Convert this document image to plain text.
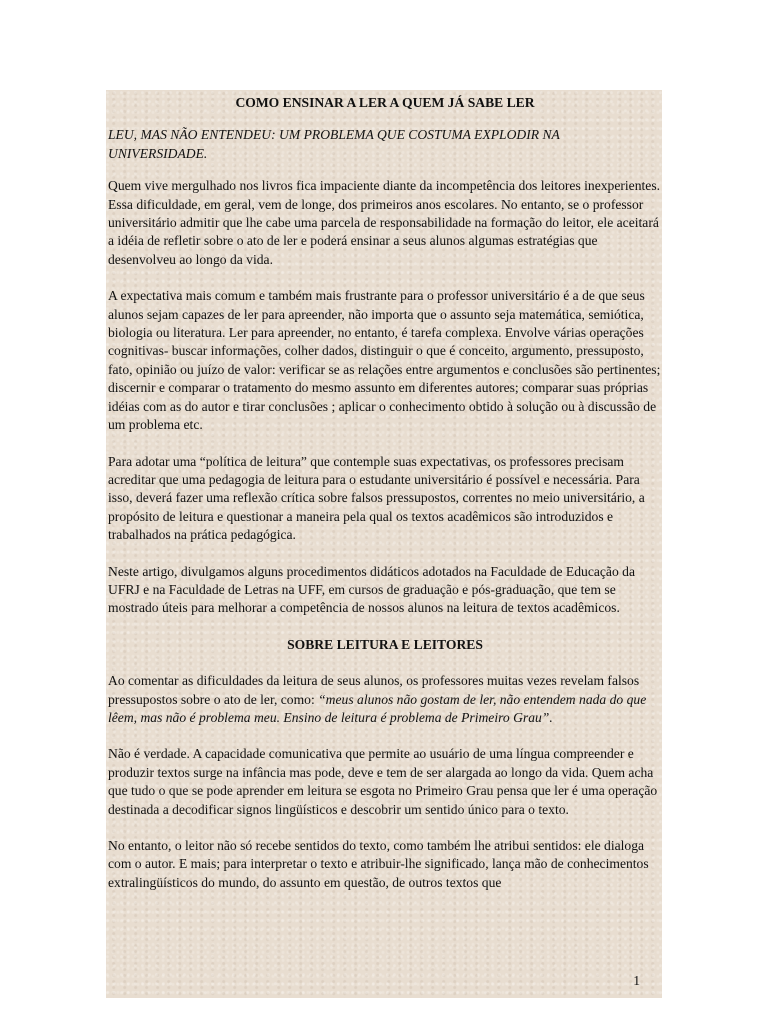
COMO ENSINAR A LER A QUEM JÁ SABE LER
LEU, MAS NÃO ENTENDEU: UM PROBLEMA QUE COSTUMA EXPLODIR NA UNIVERSIDADE.
Quem vive mergulhado nos livros fica impaciente diante da incompetência dos leitores inexperientes. Essa dificuldade, em geral, vem de longe, dos primeiros anos escolares. No entanto, se o professor universitário admitir que lhe cabe uma parcela de responsabilidade na formação do leitor, ele aceitará a idéia de refletir sobre o ato de ler e poderá ensinar a seus alunos algumas estratégias que desenvolveu ao longo da vida.
A expectativa mais comum e também mais frustrante para o professor universitário é a de que seus alunos sejam capazes de ler para apreender, não importa que o assunto seja matemática, semiótica, biologia ou literatura. Ler para apreender, no entanto, é tarefa complexa. Envolve várias operações cognitivas- buscar informações, colher dados, distinguir o que é conceito, argumento, pressuposto, fato, opinião ou juízo de valor: verificar se as relações entre argumentos e conclusões são pertinentes; discernir e comparar o tratamento do mesmo assunto em diferentes autores; comparar suas próprias idéias com as do autor e tirar conclusões ; aplicar o conhecimento obtido à solução ou à discussão de um problema etc.
Para adotar uma “política de leitura” que contemple suas expectativas, os professores precisam acreditar que uma pedagogia de leitura para o estudante universitário é possível e necessária. Para isso, deverá fazer uma reflexão crítica sobre falsos pressupostos, correntes no meio universitário, a propósito de leitura e questionar a maneira pela qual os textos acadêmicos são introduzidos e trabalhados na prática pedagógica.
Neste artigo, divulgamos alguns procedimentos didáticos adotados na Faculdade de Educação da UFRJ e na Faculdade de Letras na UFF, em cursos de graduação e pós-graduação, que tem se mostrado úteis para melhorar a competência de nossos alunos na leitura de textos acadêmicos.
SOBRE LEITURA E LEITORES
Ao comentar as dificuldades da leitura de seus alunos, os professores muitas vezes revelam falsos pressupostos sobre o ato de ler, como: “meus alunos não gostam de ler, não entendem nada do que lêem, mas não é problema meu. Ensino de leitura é problema de Primeiro Grau”.
Não é verdade. A capacidade comunicativa que permite ao usuário de uma língua compreender e produzir textos surge na infância mas pode, deve e tem de ser alargada ao longo da vida. Quem acha que tudo o que se pode aprender em leitura se esgota no Primeiro Grau pensa que ler é uma operação destinada a decodificar signos lingüísticos e descobrir um sentido único para o texto.
No entanto, o leitor não só recebe sentidos do texto, como também lhe atribui sentidos: ele dialoga com o autor. E mais; para interpretar o texto e atribuir-lhe significado, lança mão de conhecimentos extralingüísticos do mundo, do assunto em questão, de outros textos que
1
